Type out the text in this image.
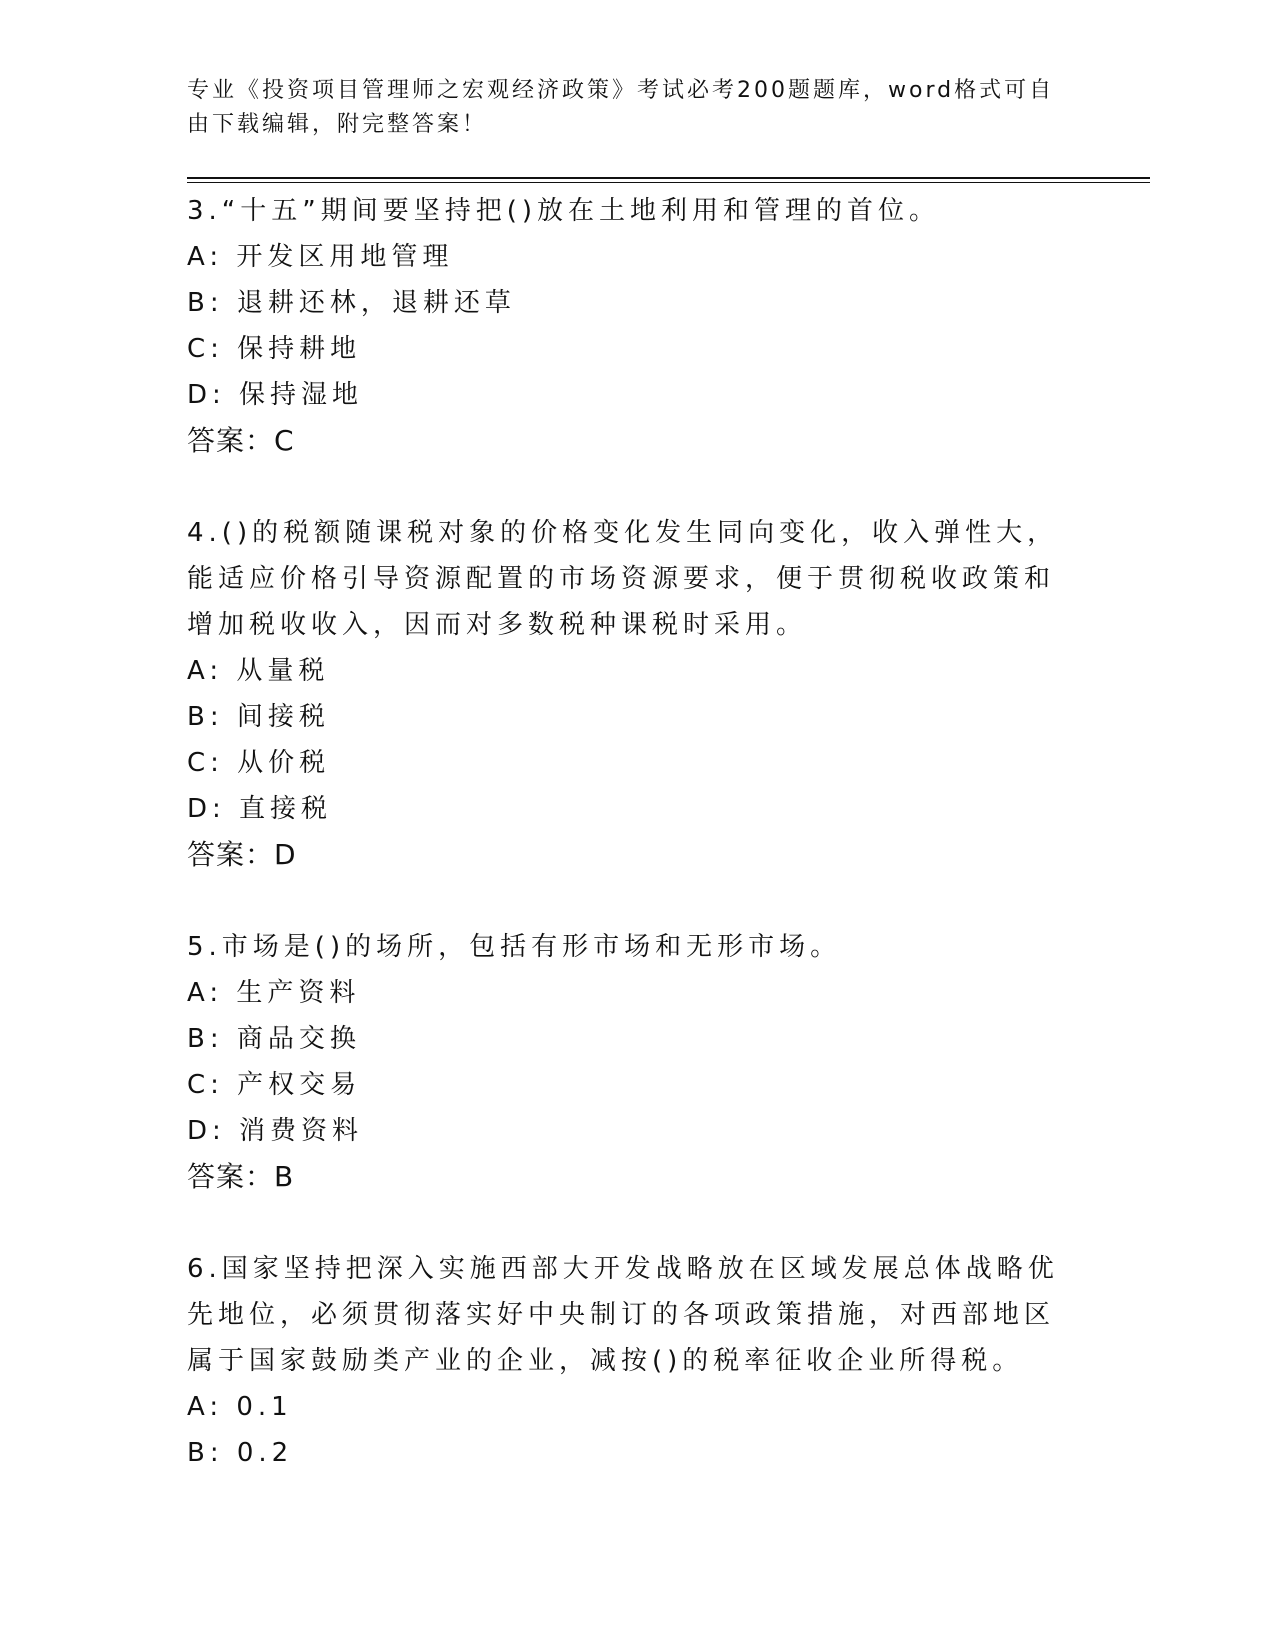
专业《投资项目管理师之宏观经济政策》考试必考200题题库，word格式可自由下载编辑，附完整答案！

3.“十五”期间要坚持把()放在土地利用和管理的首位。

A: 开发区用地管理
B: 退耕还林，退耕还草
C: 保持耕地
D: 保持湿地
答案：C

4.()的税额随课税对象的价格变化发生同向变化，收入弹性大，能适应价格引导资源配置的市场资源要求，便于贯彻税收政策和增加税收收入，因而对多数税种课税时采用。

A: 从量税
B: 间接税
C: 从价税
D: 直接税
答案：D

5.市场是()的场所，包括有形市场和无形市场。

A: 生产资料
B: 商品交换
C: 产权交易
D: 消费资料
答案：B

6.国家坚持把深入实施西部大开发战略放在区域发展总体战略优先地位，必须贯彻落实好中央制订的各项政策措施，对西部地区属于国家鼓励类产业的企业，减按()的税率征收企业所得税。

A: 0.1
B: 0.2
